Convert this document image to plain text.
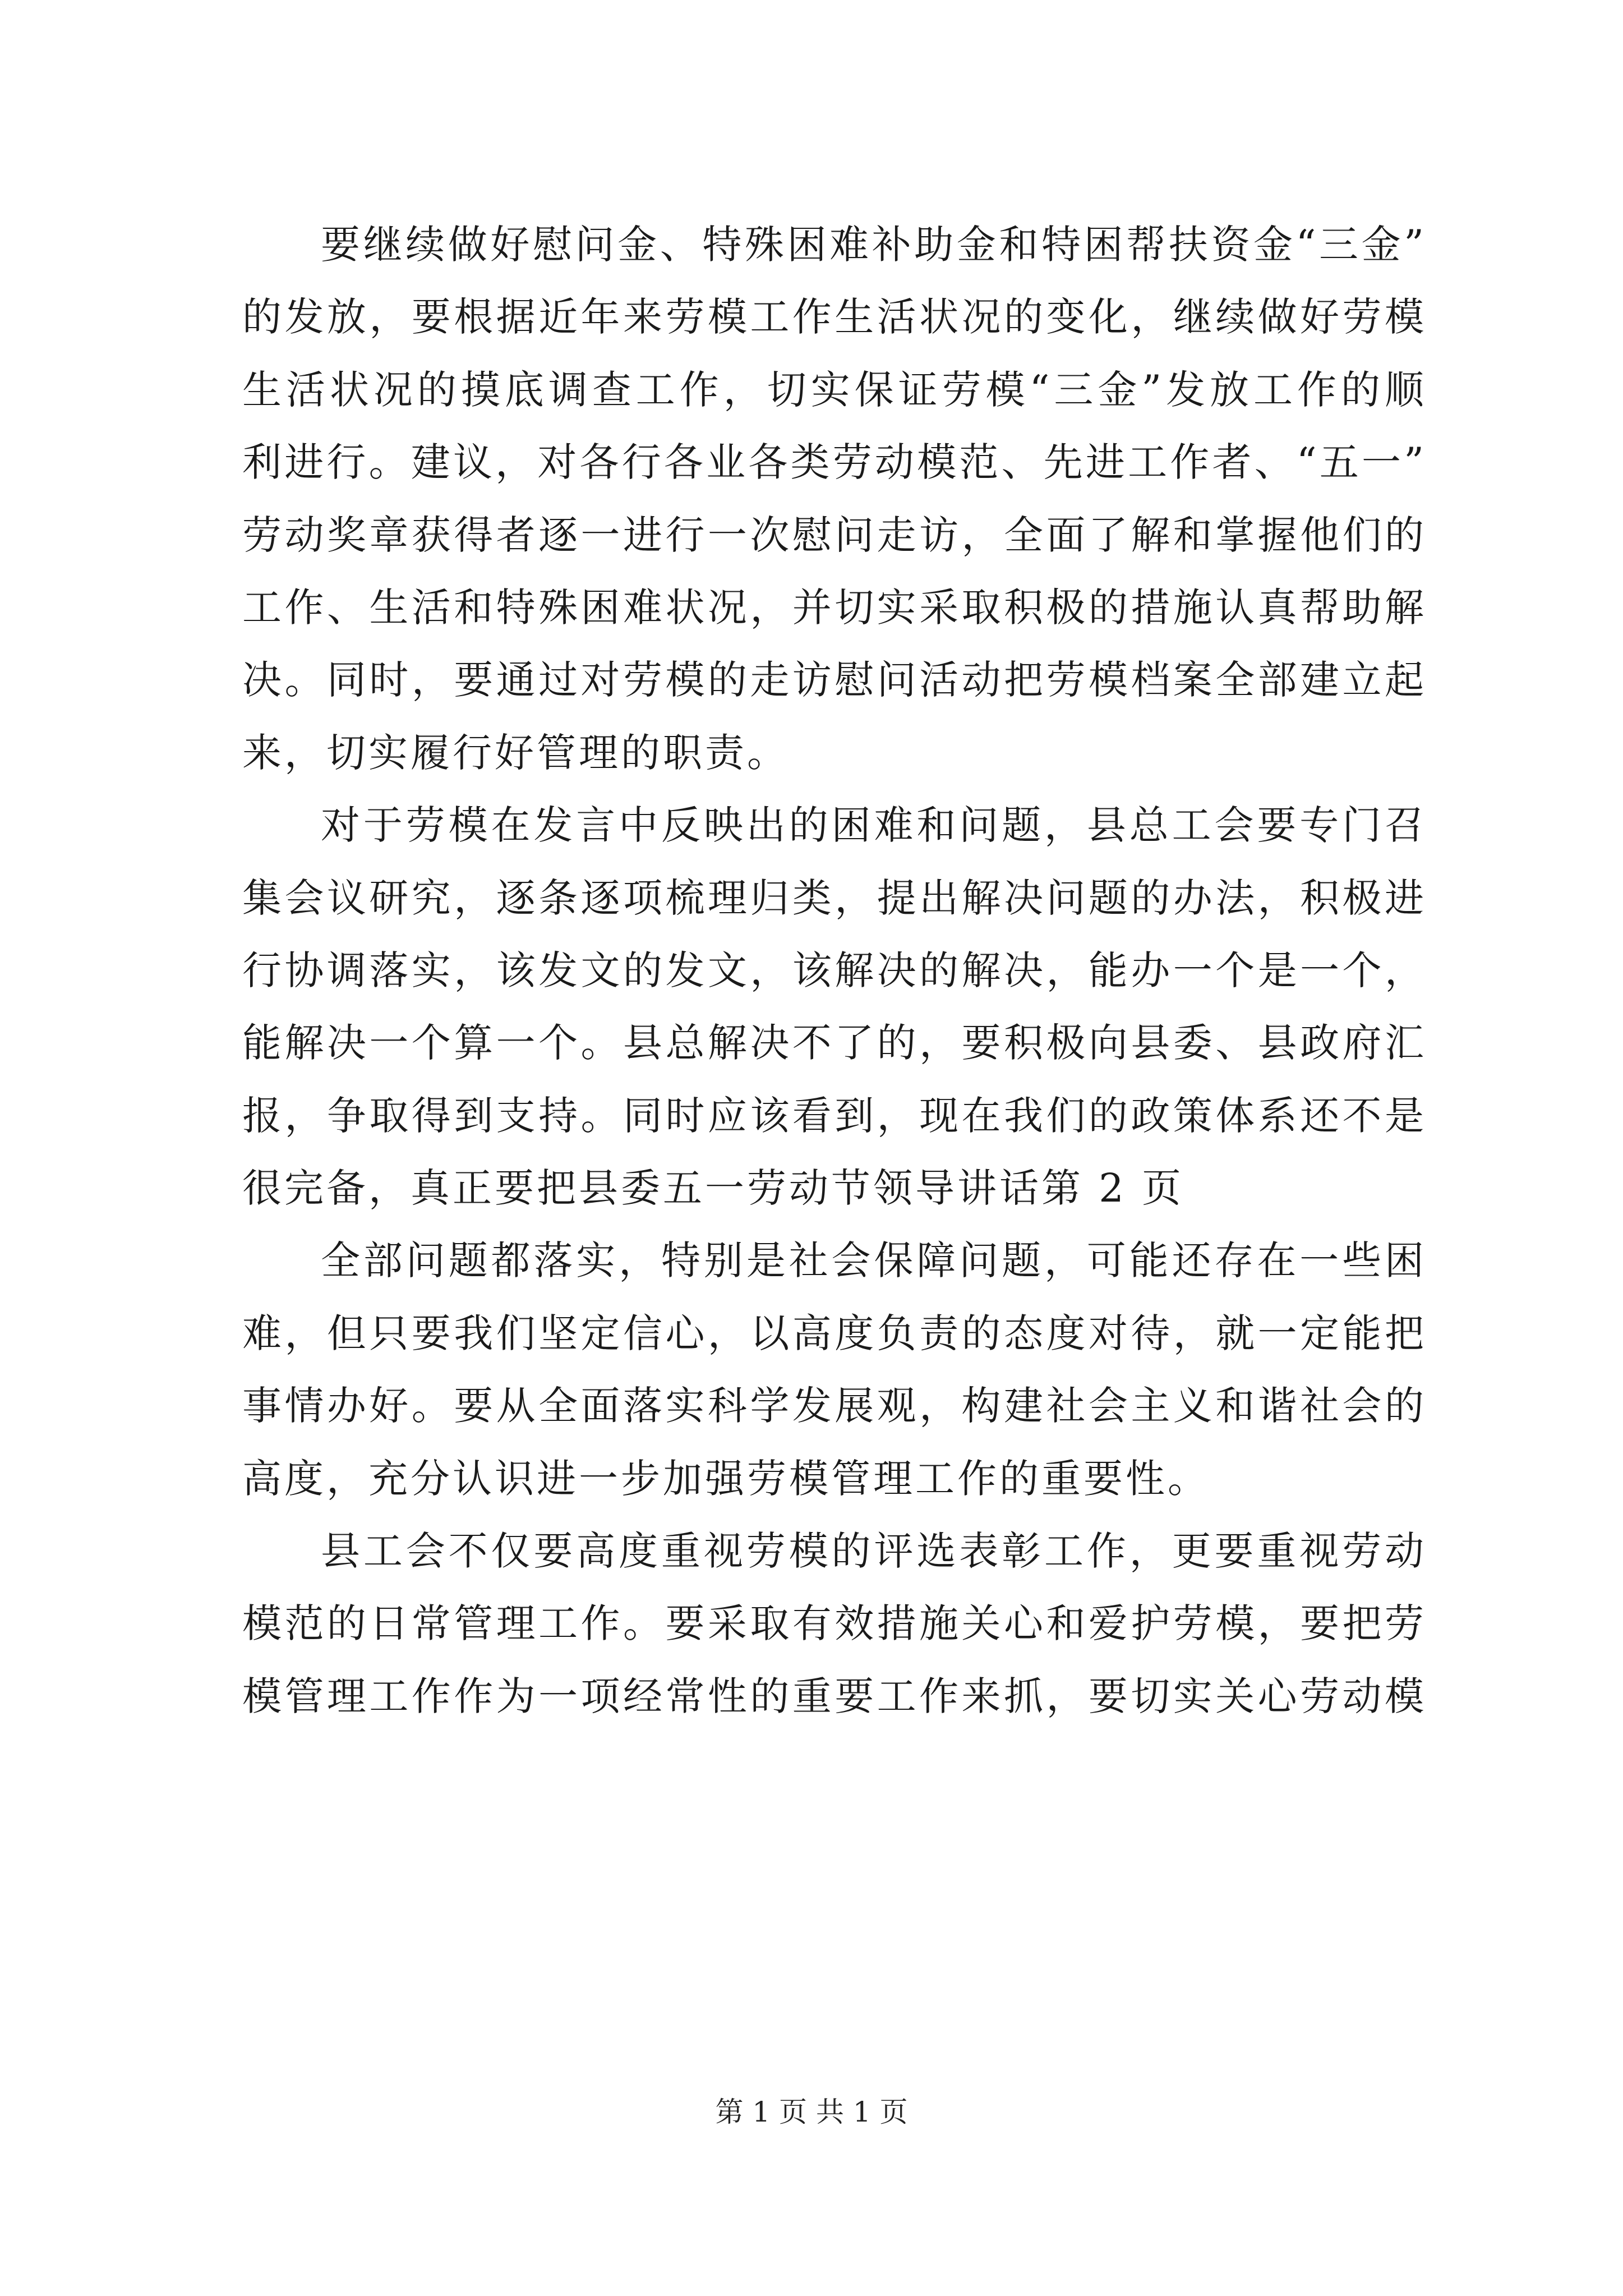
要继续做好慰问金、特殊困难补助金和特困帮扶资金“三金”
的发放，要根据近年来劳模工作生活状况的变化，继续做好劳模
生活状况的摸底调查工作，切实保证劳模“三金”发放工作的顺
利进行。建议，对各行各业各类劳动模范、先进工作者、“五一”
劳动奖章获得者逐一进行一次慰问走访，全面了解和掌握他们的
工作、生活和特殊困难状况，并切实采取积极的措施认真帮助解
决。同时，要通过对劳模的走访慰问活动把劳模档案全部建立起
来，切实履行好管理的职责。
对于劳模在发言中反映出的困难和问题，县总工会要专门召
集会议研究，逐条逐项梳理归类，提出解决问题的办法，积极进
行协调落实，该发文的发文，该解决的解决，能办一个是一个，
能解决一个算一个。县总解决不了的，要积极向县委、县政府汇
报，争取得到支持。同时应该看到，现在我们的政策体系还不是
很完备，真正要把县委五一劳动节领导讲话第 2 页
全部问题都落实，特别是社会保障问题，可能还存在一些困
难，但只要我们坚定信心，以高度负责的态度对待，就一定能把
事情办好。要从全面落实科学发展观，构建社会主义和谐社会的
高度，充分认识进一步加强劳模管理工作的重要性。
县工会不仅要高度重视劳模的评选表彰工作，更要重视劳动
模范的日常管理工作。要采取有效措施关心和爱护劳模，要把劳
模管理工作作为一项经常性的重要工作来抓，要切实关心劳动模
第 1 页 共 1 页
